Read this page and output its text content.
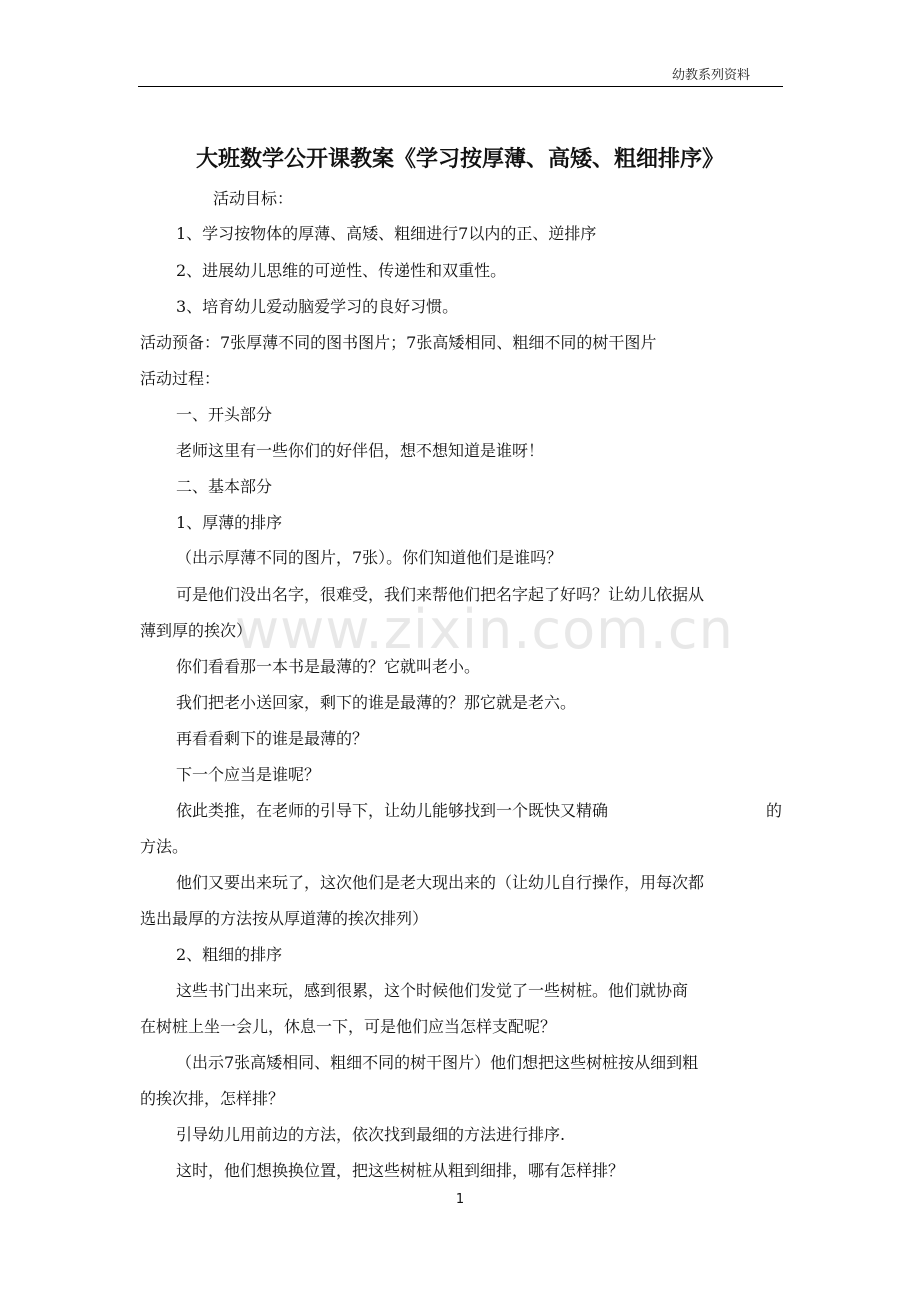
幼教系列资料
大班数学公开课教案《学习按厚薄、高矮、粗细排序》
www.zixin.com.cn
活动目标：
1、学习按物体的厚薄、高矮、粗细进行7以内的正、逆排序
2、进展幼儿思维的可逆性、传递性和双重性。
3、培育幼儿爱动脑爱学习的良好习惯。
活动预备：7张厚薄不同的图书图片；7张高矮相同、粗细不同的树干图片
活动过程：
一、开头部分
老师这里有一些你们的好伴侣，想不想知道是谁呀！
二、基本部分
1、厚薄的排序
（出示厚薄不同的图片，7张）。你们知道他们是谁吗？
可是他们没出名字，很难受，我们来帮他们把名字起了好吗？让幼儿依据从
薄到厚的挨次）
你们看看那一本书是最薄的？它就叫老小。
我们把老小送回家，剩下的谁是最薄的？那它就是老六。
再看看剩下的谁是最薄的？
下一个应当是谁呢？
依此类推，在老师的引导下，让幼儿能够找到一个既快又精确	的
方法。
他们又要出来玩了，这次他们是老大现出来的（让幼儿自行操作，用每次都
选出最厚的方法按从厚道薄的挨次排列）
2、粗细的排序
这些书门出来玩，感到很累，这个时候他们发觉了一些树桩。他们就协商
在树桩上坐一会儿，休息一下，可是他们应当怎样支配呢？
（出示7张高矮相同、粗细不同的树干图片）他们想把这些树桩按从细到粗
的挨次排，怎样排？
引导幼儿用前边的方法，依次找到最细的方法进行排序.
这时，他们想换换位置，把这些树桩从粗到细排，哪有怎样排？
1
